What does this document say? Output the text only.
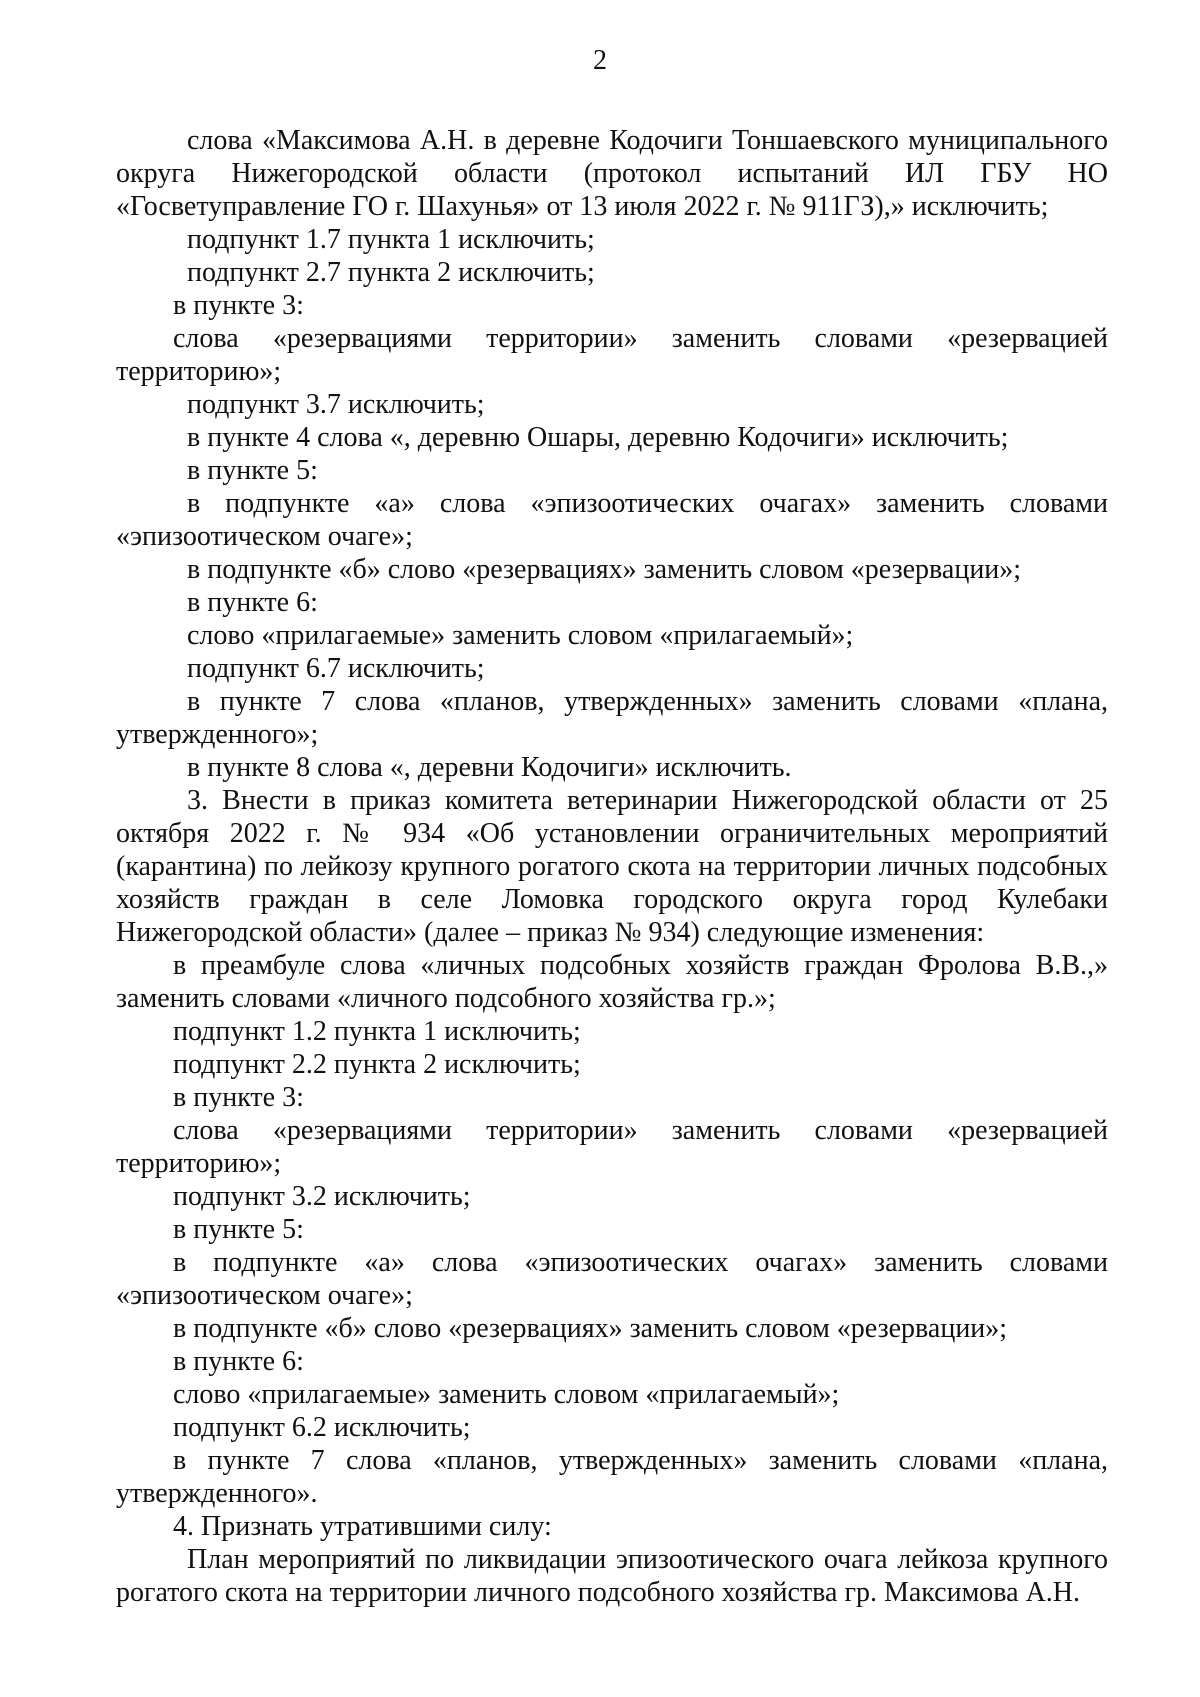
2

слова «Максимова А.Н. в деревне Кодочиги Тоншаевского муниципального округа Нижегородской области (протокол испытаний ИЛ ГБУ НО «Госветуправление ГО г. Шахунья» от 13 июля 2022 г. № 911ГЗ),» исключить;

подпункт 1.7 пункта 1 исключить;

подпункт 2.7 пункта 2 исключить;

в пункте 3:

слова «резервациями территории» заменить словами «резервацией территорию»;

подпункт 3.7 исключить;

в пункте 4 слова «, деревню Ошары, деревню Кодочиги» исключить;

в пункте 5:

в подпункте «а» слова «эпизоотических очагах» заменить словами «эпизоотическом очаге»;

в подпункте «б» слово «резервациях» заменить словом «резервации»;

в пункте 6:

слово «прилагаемые» заменить словом «прилагаемый»;

подпункт 6.7 исключить;

в пункте 7 слова «планов, утвержденных» заменить словами «плана, утвержденного»;

в пункте 8 слова «, деревни Кодочиги» исключить.

3. Внести в приказ комитета ветеринарии Нижегородской области от 25 октября 2022 г. № 934 «Об установлении ограничительных мероприятий (карантина) по лейкозу крупного рогатого скота на территории личных подсобных хозяйств граждан в селе Ломовка городского округа город Кулебаки Нижегородской области» (далее – приказ № 934) следующие изменения:

в преамбуле слова «личных подсобных хозяйств граждан Фролова В.В.,» заменить словами «личного подсобного хозяйства гр.»;

подпункт 1.2 пункта 1 исключить;

подпункт 2.2 пункта 2 исключить;

в пункте 3:

слова «резервациями территории» заменить словами «резервацией территорию»;

подпункт 3.2 исключить;

в пункте 5:

в подпункте «а» слова «эпизоотических очагах» заменить словами «эпизоотическом очаге»;

в подпункте «б» слово «резервациях» заменить словом «резервации»;

в пункте 6:

слово «прилагаемые» заменить словом «прилагаемый»;

подпункт 6.2 исключить;

в пункте 7 слова «планов, утвержденных» заменить словами «плана, утвержденного».

4. Признать утратившими силу:

План мероприятий по ликвидации эпизоотического очага лейкоза крупного рогатого скота на территории личного подсобного хозяйства гр. Максимова А.Н.
